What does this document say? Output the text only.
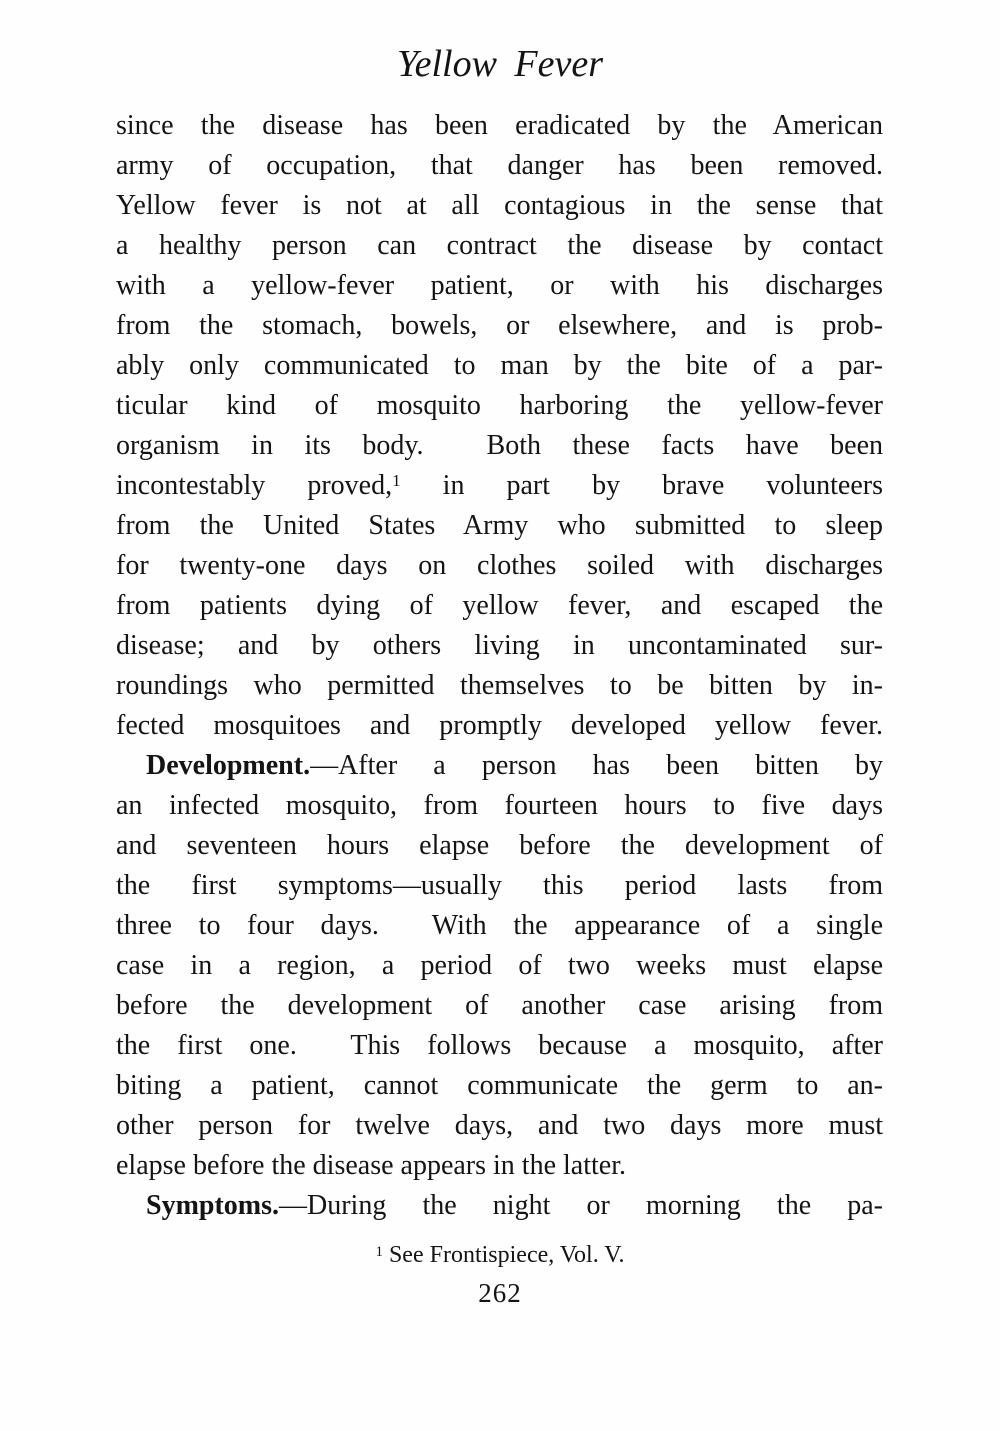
Yellow Fever
since the disease has been eradicated by the American
army of occupation, that danger has been removed.
Yellow fever is not at all contagious in the sense that
a healthy person can contract the disease by contact
with a yellow-fever patient, or with his discharges
from the stomach, bowels, or elsewhere, and is prob-
ably only communicated to man by the bite of a par-
ticular kind of mosquito harboring the yellow-fever
organism in its body.  Both these facts have been
incontestably proved,$^1$ in part by brave volunteers
from the United States Army who submitted to sleep
for twenty-one days on clothes soiled with discharges
from patients dying of yellow fever, and escaped the
disease; and by others living in uncontaminated sur-
roundings who permitted themselves to be bitten by in-
fected mosquitoes and promptly developed yellow fever.
Development.—After a person has been bitten by
an infected mosquito, from fourteen hours to five days
and seventeen hours elapse before the development of
the first symptoms—usually this period lasts from
three to four days.  With the appearance of a single
case in a region, a period of two weeks must elapse
before the development of another case arising from
the first one.  This follows because a mosquito, after
biting a patient, cannot communicate the germ to an-
other person for twelve days, and two days more must
elapse before the disease appears in the latter.
Symptoms.—During the night or morning the pa-
$^1$ See Frontispiece, Vol. V.
262
